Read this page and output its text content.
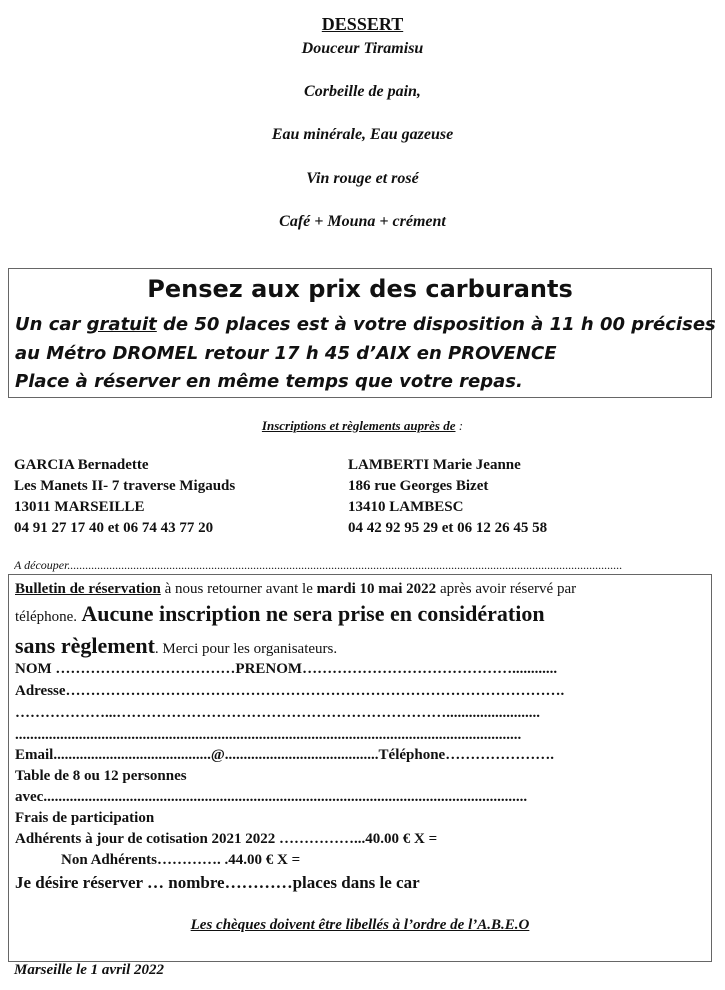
DESSERT
Douceur Tiramisu
Corbeille de pain,
Eau minérale, Eau gazeuse
Vin rouge et rosé
Café + Mouna + crément
Pensez aux prix des carburants
Un car gratuit de 50 places est à votre disposition à 11 h 00 précises
au Métro DROMEL retour 17 h 45 d’AIX en PROVENCE
Place à réserver en même temps que votre repas.
Inscriptions et règlements auprès de :
GARCIA Bernadette
Les Manets II- 7 traverse Migauds
13011 MARSEILLE
04 91 27 17 40 et 06 74 43 77 20
LAMBERTI Marie Jeanne
186 rue Georges Bizet
13410 LAMBESC
04 42 92 95 29 et 06 12 26 45 58
A découper.........................................................................................................................................................................................
Bulletin de réservation à nous retourner avant le mardi 10 mai 2022 après avoir réservé par
téléphone. Aucune inscription ne sera prise en considération
sans règlement. Merci pour les organisateurs.
NOM ………………………………PRENOM……………………………………............
Adresse……………………………………………………………………………………….
………………...………………………………………………………….........................
.......................................................................................................................................
Email..........................................@.........................................Téléphone………………….
Table de 8 ou 12 personnes
avec.................................................................................................................................
Frais de participation
Adhérents à jour de cotisation 2021 2022 ……………...40.00 € X =
Non Adhérents…………. .44.00 € X =
Je désire réserver … nombre…………places dans le car
Les chèques doivent être libellés à l’ordre de l’A.B.E.O
Marseille le 1 avril 2022
